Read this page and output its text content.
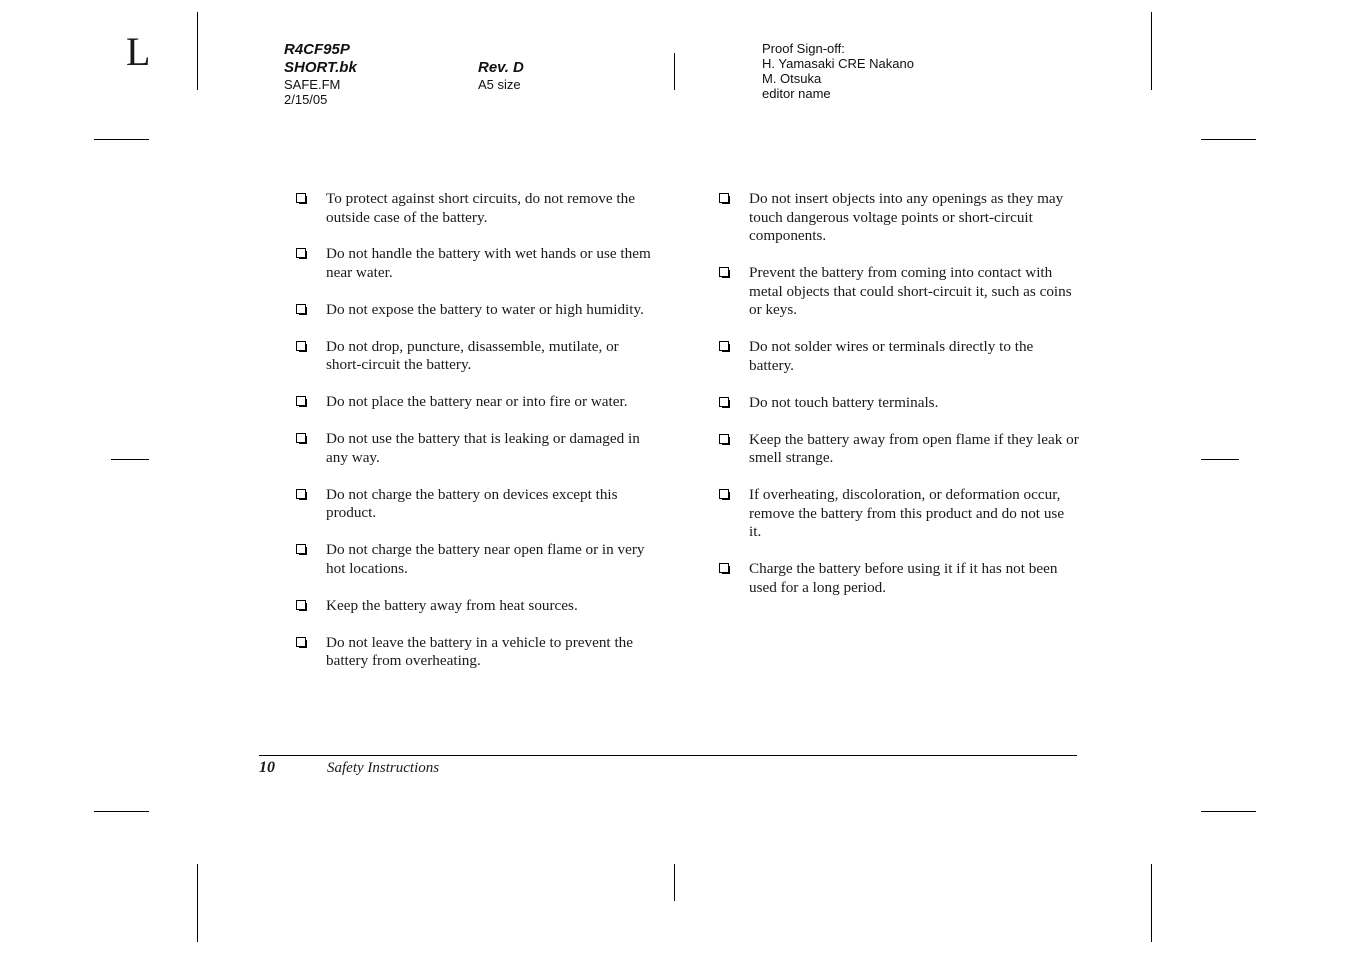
L	R4CF95P
SHORT.bk
SAFE.FM
2/15/05
Rev. D
A5 size
Proof Sign-off:
H. Yamasaki CRE Nakano
M. Otsuka
editor name
To protect against short circuits, do not remove the outside case of the battery.
Do not handle the battery with wet hands or use them near water.
Do not expose the battery to water or high humidity.
Do not drop, puncture, disassemble, mutilate, or short-circuit the battery.
Do not place the battery near or into fire or water.
Do not use the battery that is leaking or damaged in any way.
Do not charge the battery on devices except this product.
Do not charge the battery near open flame or in very hot locations.
Keep the battery away from heat sources.
Do not leave the battery in a vehicle to prevent the battery from overheating.
Do not insert objects into any openings as they may touch dangerous voltage points or short-circuit components.
Prevent the battery from coming into contact with metal objects that could short-circuit it, such as coins or keys.
Do not solder wires or terminals directly to the battery.
Do not touch battery terminals.
Keep the battery away from open flame if they leak or smell strange.
If overheating, discoloration, or deformation occur, remove the battery from this product and do not use it.
Charge the battery before using it if it has not been used for a long period.
10	Safety Instructions
